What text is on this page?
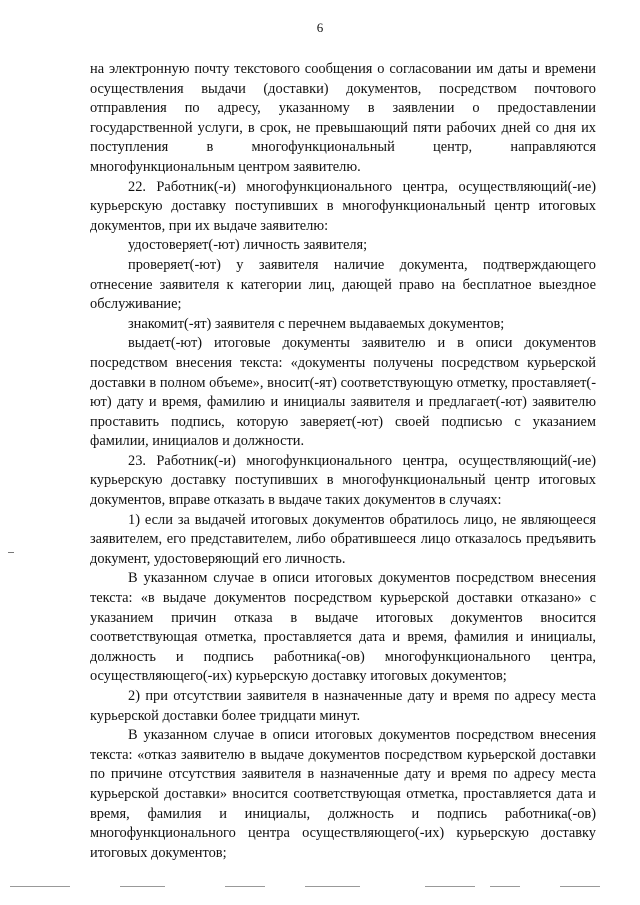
6

на электронную почту текстового сообщения о согласовании им даты и времени осуществления выдачи (доставки) документов, посредством почтового отправления по адресу, указанному в заявлении о предоставлении государственной услуги, в срок, не превышающий пяти рабочих дней со дня их поступления в многофункциональный центр, направляются многофункциональным центром заявителю.

22. Работник(-и) многофункционального центра, осуществляющий(-ие) курьерскую доставку поступивших в многофункциональный центр итоговых документов, при их выдаче заявителю:

удостоверяет(-ют) личность заявителя;

проверяет(-ют) у заявителя наличие документа, подтверждающего отнесение заявителя к категории лиц, дающей право на бесплатное выездное обслуживание;

знакомит(-ят) заявителя с перечнем выдаваемых документов;

выдает(-ют) итоговые документы заявителю и в описи документов посредством внесения текста: «документы получены посредством курьерской доставки в полном объеме», вносит(-ят) соответствующую отметку, проставляет(-ют) дату и время, фамилию и инициалы заявителя и предлагает(-ют) заявителю проставить подпись, которую заверяет(-ют) своей подписью с указанием фамилии, инициалов и должности.

23. Работник(-и) многофункционального центра, осуществляющий(-ие) курьерскую доставку поступивших в многофункциональный центр итоговых документов, вправе отказать в выдаче таких документов в случаях:

1) если за выдачей итоговых документов обратилось лицо, не являющееся заявителем, его представителем, либо обратившееся лицо отказалось предъявить документ, удостоверяющий его личность.

В указанном случае в описи итоговых документов посредством внесения текста: «в выдаче документов посредством курьерской доставки отказано» с указанием причин отказа в выдаче итоговых документов вносится соответствующая отметка, проставляется дата и время, фамилия и инициалы, должность и подпись работника(-ов) многофункционального центра, осуществляющего(-их) курьерскую доставку итоговых документов;

2) при отсутствии заявителя в назначенные дату и время по адресу места курьерской доставки более тридцати минут.

В указанном случае в описи итоговых документов посредством внесения текста: «отказ заявителю в выдаче документов посредством курьерской доставки по причине отсутствия заявителя в назначенные дату и время по адресу места курьерской доставки» вносится соответствующая отметка, проставляется дата и время, фамилия и инициалы, должность и подпись работника(-ов) многофункционального центра осуществляющего(-их) курьерскую доставку итоговых документов;
